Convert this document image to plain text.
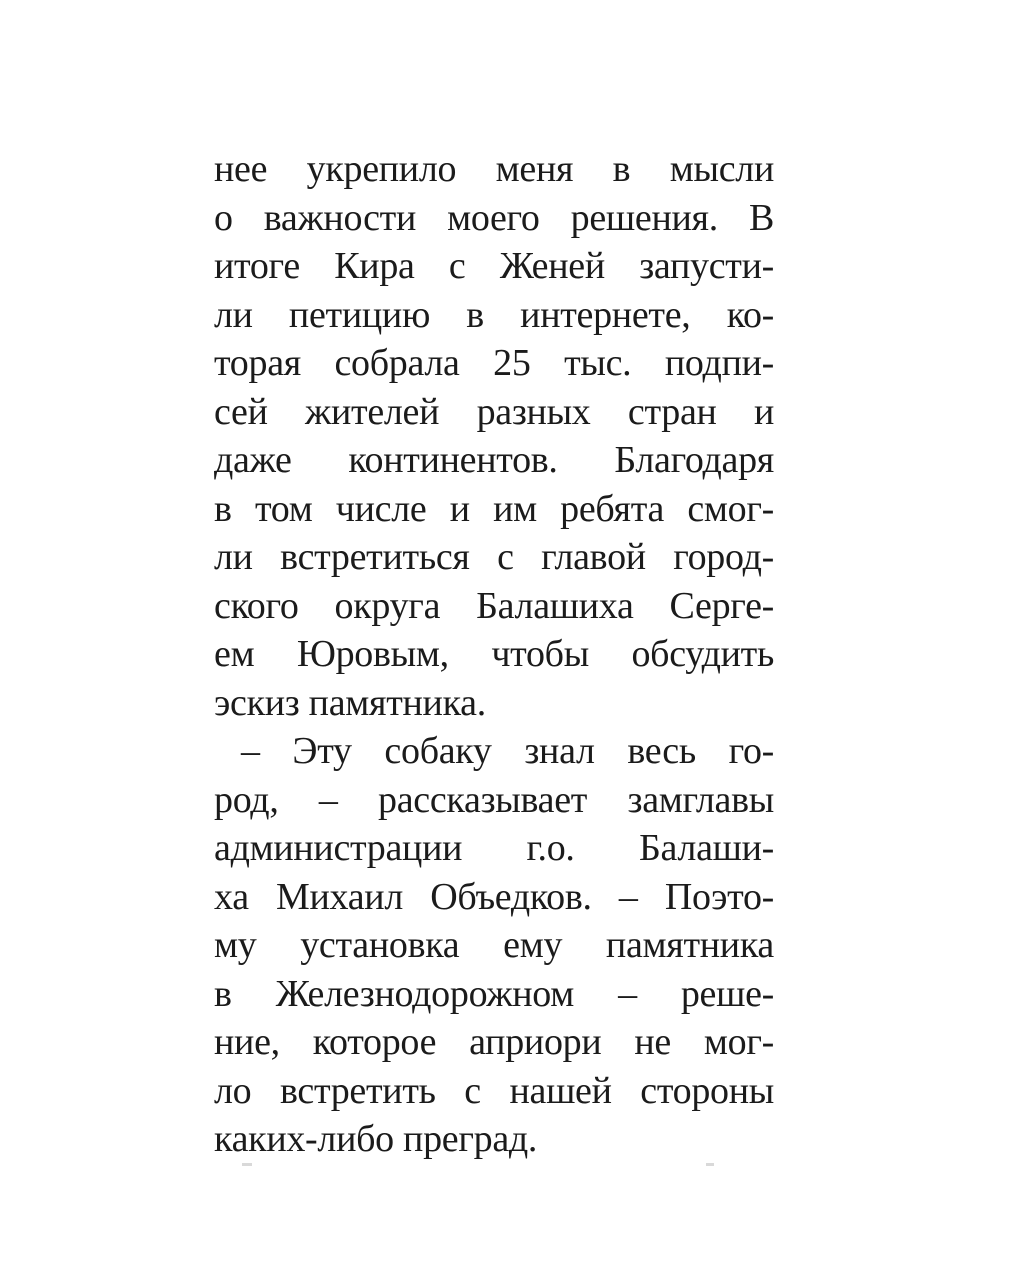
нее укрепило меня в мысли
о важности моего решения. В
итоге Кира с Женей запусти-
ли петицию в интернете, ко-
торая собрала 25 тыс. подпи-
сей жителей разных стран и
даже континентов. Благодаря
в том числе и им ребята смог-
ли встретиться с главой город-
ского округа Балашиха Серге-
ем Юровым, чтобы обсудить
эскиз памятника.
– Эту собаку знал весь го-
род, – рассказывает замглавы
администрации г.о. Балаши-
ха Михаил Объедков. – Поэто-
му установка ему памятника
в Железнодорожном – реше-
ние, которое априори не мог-
ло встретить с нашей стороны
каких-либо преград.
